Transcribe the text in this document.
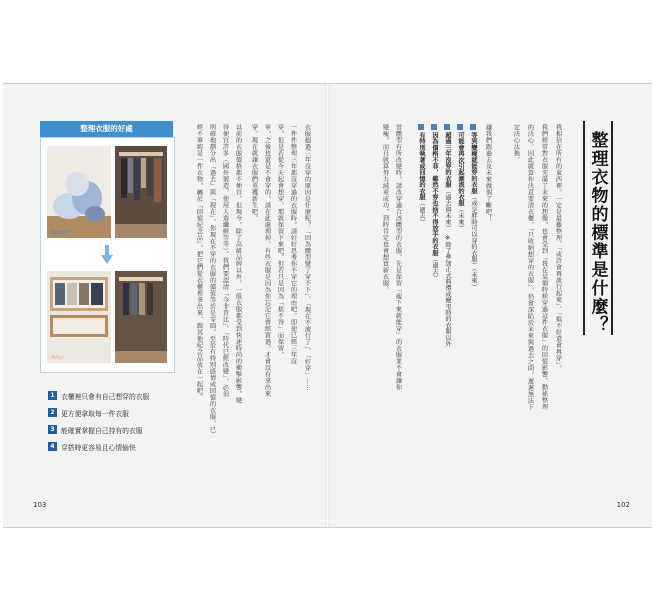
整理衣服的好處
Before
After
1 衣櫃裡只會有自己想穿的衣服
2 更方便拿取每一件衣服
3 能確實掌握自己持有的衣服
4 穿搭時更容易且心情愉快
衣服超過三年沒穿的原因是什麼呢？「因為體型變了穿不下」、「現在不流行了」、「好穿」⋯⋯
一件件整理三年都沒穿過的衣服時，請好好思考你不穿它的理由吧。即使已經三年沒
穿，但是若從今天起會想穿，那就保留下來吧。但若只是因為「捨不得」而保留，
寧，之後也還是不會穿的，請在此處理掉。有些衣服是因為你忘記它曾經買過，才會沒有拿出來
穿。現在就讓衣服們重獲新生吧。
以前的衣服價格都不便宜，但現今，除了高級品牌以外，一般衣服都受到快速時尚的衝擊影響，變
得便宜許多（國外製造，使用人造纖維等等）。我們要認清「今非昔比」、「時代已經改變」，必須
明確地劃分出「過去」與「現在」，你現在不穿的衣服的價值等於是零圓。至於有特別感情或回憶的衣服，已
經不單純是一件衣物，屬於「回憶紀念品」，把它們從衣櫃裡拿出來，跟其他紀念品放在一起吧。
103
整理衣物的標準是什麼？
我相信在所有的東西裡，一定是最難整理、「或許會再流行起來」、「搞不好還會再穿」，
我們經常對衣服充滿了未來的想像，也會受到「我在某個時候穿過這件衣服」的回憶影響，動搖整理
的決心。因此就算你決意要清衣櫃，「只收納想穿的衣服」，仍會深陷於未來與過去之間，遲遲無法下
定決心汰換。
讓我們跟過去及未來做個了斷吧！
等到變瘦就能穿的衣服（或是胖時可以穿的衣服）（未來）
可能會再次引起潮流的衣服（未來）
超過三年沒穿的衣服（過去與未來）　※除了參加正式典禮或慶弔時的衣服以外
因為價格不菲，雖然不穿也捨不得放手的衣服（過去）
有特別執著或回憶的衣服（過去）
當體型有所改變時，請改穿適合該體型的衣服。先是保留「瘦下來就能穿」的衣服並不會讓你
變瘦，而且就算努力減重成功，到時肯定也會想買新衣服。
102
